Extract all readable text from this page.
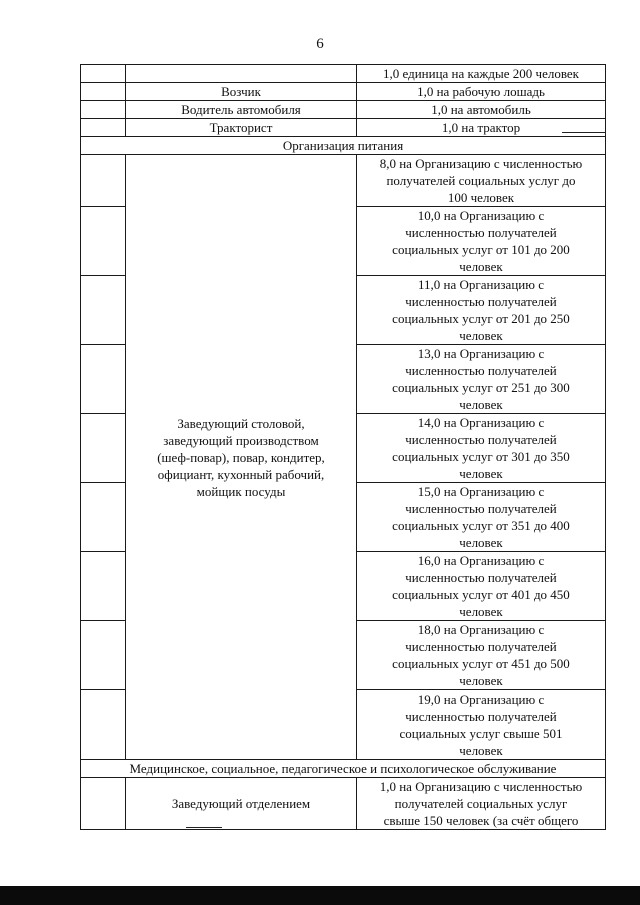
6
		1,0 единица на каждые 200 человек
	Возчик	1,0 на рабочую лошадь
	Водитель автомобиля	1,0 на автомобиль
	Тракторист	1,0 на трактор
Организация питания		
	Заведующий столовой,
заведующий производством
(шеф-повар), повар, кондитер,
официант, кухонный рабочий,
мойщик посуды	8,0 на Организацию с численностью
получателей социальных услуг до
100 человек
		10,0 на Организацию с
численностью получателей
социальных услуг от 101 до 200
человек
		11,0 на Организацию с
численностью получателей
социальных услуг от 201 до 250
человек
		13,0 на Организацию с
численностью получателей
социальных услуг от 251 до 300
человек
		14,0 на Организацию с
численностью получателей
социальных услуг от 301 до 350
человек
		15,0 на Организацию с
численностью получателей
социальных услуг от 351 до 400
человек
		16,0 на Организацию с
численностью получателей
социальных услуг от 401 до 450
человек
		18,0 на Организацию с
численностью получателей
социальных услуг от 451 до 500
человек
		19,0 на Организацию с
численностью получателей
социальных услуг свыше 501
человек
Медицинское, социальное, педагогическое и психологическое обслуживание		
	Заведующий отделением	1,0 на Организацию с численностью
получателей социальных услуг
свыше 150 человек (за счёт общего
